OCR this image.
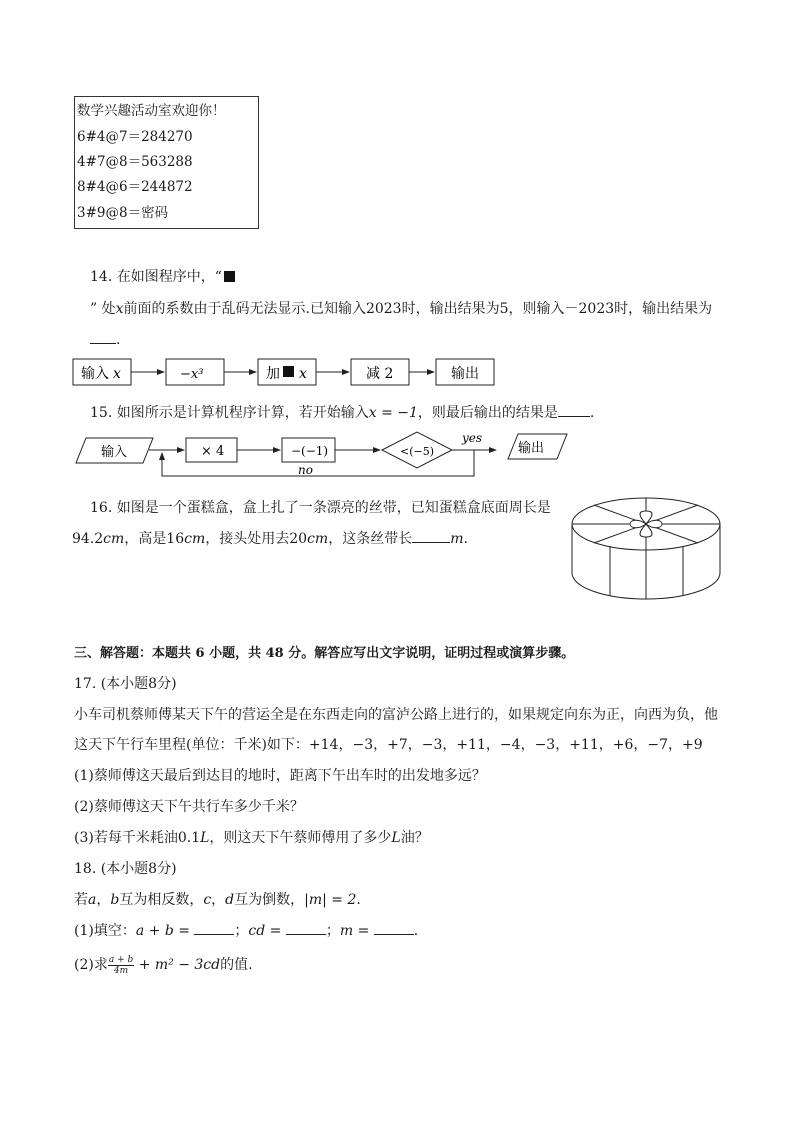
数学兴趣活动室欢迎你！
6#4@7＝284270
4#7@8＝563288
8#4@6＝244872
3#9@8＝密码
14. 在如图程序中，“
” 处x前面的系数由于乱码无法显示.已知输入2023时，输出结果为5，则输入－2023时，输出结果为
.
输入 x	−x³	加 x	减 2	输出
15. 如图所示是计算机程序计算，若开始输入x = −1，则最后输出的结果是 .
输入	× 4	−(−1)	<(−5)
yes
输出
no
16. 如图是一个蛋糕盒，盒上扎了一条漂亮的丝带，已知蛋糕盒底面周长是
94.2cm，高是16cm，接头处用去20cm，这条丝带长	m.
三、解答题：本题共 6 小题，共 48 分。解答应写出文字说明，证明过程或演算步骤。
17. (本小题8分)
小车司机蔡师傅某天下午的营运全是在东西走向的富泸公路上进行的，如果规定向东为正，向西为负，他
这天下午行车里程(单位：千米)如下：+14，−3，+7，−3，+11，−4，−3，+11，+6，−7，+9
(1)蔡师傅这天最后到达目的地时，距离下午出车时的出发地多远？
(2)蔡师傅这天下午共行车多少千米？
(3)若每千米耗油0.1L，则这天下午蔡师傅用了多少L油？
18. (本小题8分)
若a，b互为相反数，c，d互为倒数，|m| = 2.
(1)填空：a + b =	；cd =	；m =	.
(2)求 $\frac{a + b}{4m} + m^2 - 3cd$的值.
